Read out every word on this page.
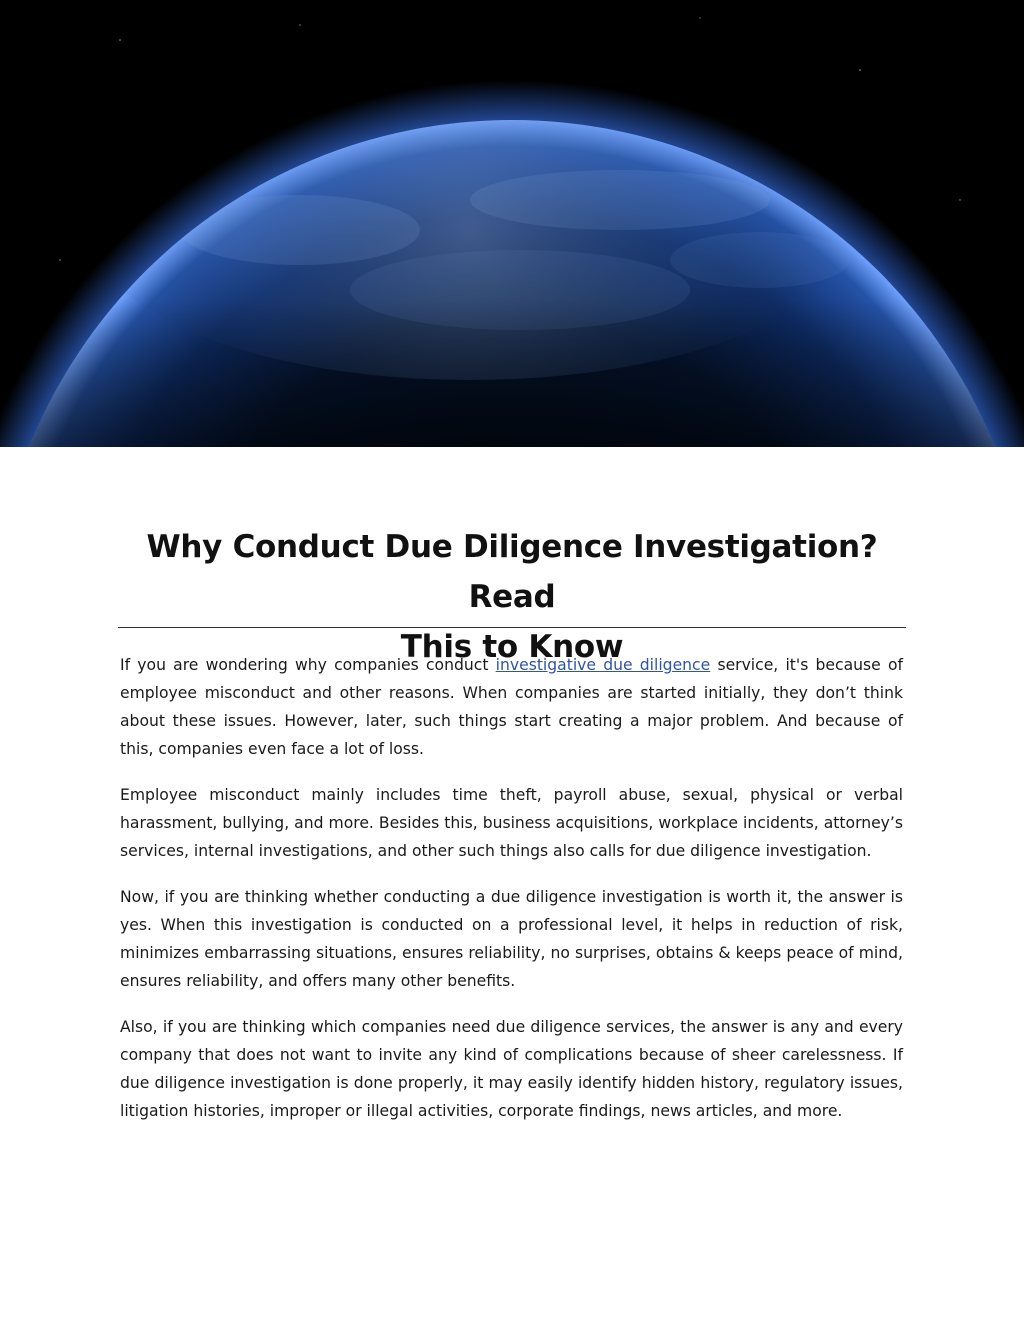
Why Conduct Due Diligence Investigation? Read
This to Know

If you are wondering why companies conduct investigative due diligence service, it's because of employee misconduct and other reasons. When companies are started initially, they don’t think about these issues. However, later, such things start creating a major problem. And because of this, companies even face a lot of loss.

Employee misconduct mainly includes time theft, payroll abuse, sexual, physical or verbal harassment, bullying, and more. Besides this, business acquisitions, workplace incidents, attorney’s services, internal investigations, and other such things also calls for due diligence investigation.

Now, if you are thinking whether conducting a due diligence investigation is worth it, the answer is yes. When this investigation is conducted on a professional level, it helps in reduction of risk, minimizes embarrassing situations, ensures reliability, no surprises, obtains & keeps peace of mind, ensures reliability, and offers many other benefits.

Also, if you are thinking which companies need due diligence services, the answer is any and every company that does not want to invite any kind of complications because of sheer carelessness. If due diligence investigation is done properly, it may easily identify hidden history, regulatory issues, litigation histories, improper or illegal activities, corporate findings, news articles, and more.
